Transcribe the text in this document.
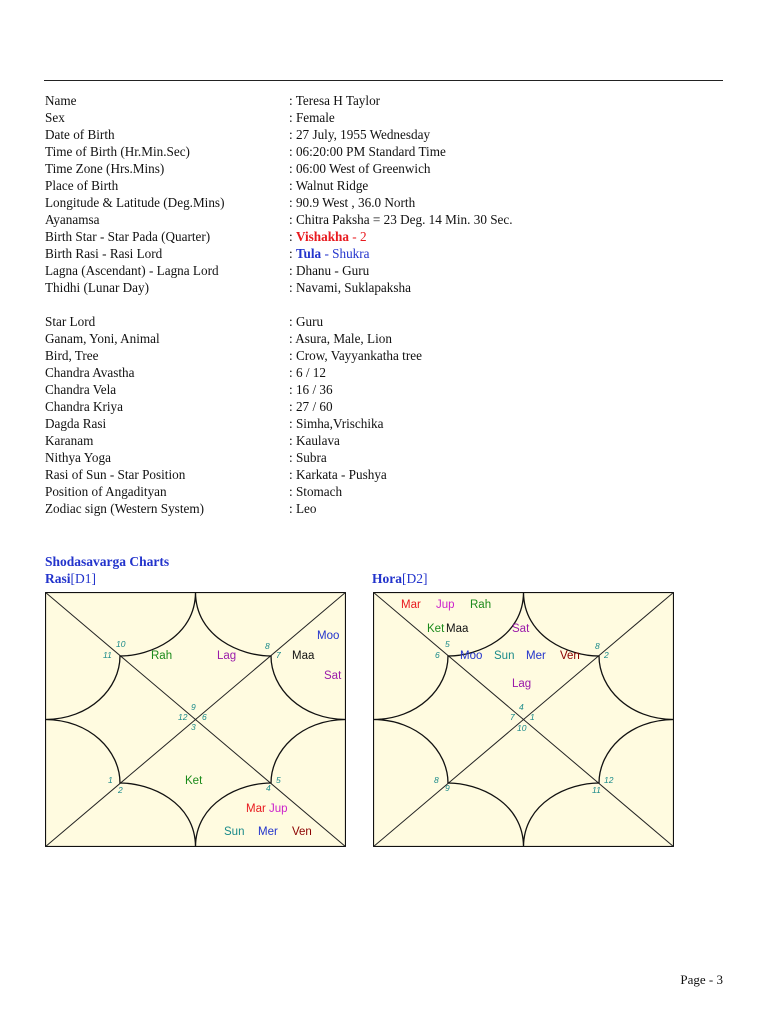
Name	: Teresa H Taylor
Sex	: Female
Date of Birth	: 27 July, 1955 Wednesday
Time of Birth (Hr.Min.Sec)	: 06:20:00 PM Standard Time
Time Zone (Hrs.Mins)	: 06:00 West of Greenwich
Place of Birth	: Walnut Ridge
Longitude & Latitude (Deg.Mins)	: 90.9 West , 36.0 North
Ayanamsa	: Chitra Paksha = 23 Deg. 14 Min. 30 Sec.
Birth Star - Star Pada (Quarter)	: Vishakha - 2
Birth Rasi - Rasi Lord	: Tula - Shukra
Lagna (Ascendant) - Lagna Lord	: Dhanu - Guru
Thidhi (Lunar Day)	: Navami, Suklapaksha
Star Lord	: Guru
Ganam, Yoni, Animal	: Asura, Male, Lion
Bird, Tree	: Crow, Vayyankatha tree
Chandra Avastha	: 6 / 12
Chandra Vela	: 16 / 36
Chandra Kriya	: 27 / 60
Dagda Rasi	: Simha,Vrischika
Karanam	: Kaulava
Nithya Yoga	: Subra
Rasi of Sun - Star Position	: Karkata - Pushya
Position of Angadityan	: Stomach
Zodiac sign (Western System)	: Leo
Shodasavarga Charts
Rasi[D1]	Hora[D2]
10
11
8
7
9
12 6
3
1
2	4
5
Rah	Lag	Maa
Moo
Sat
Ket
Mar Jup
Sun Mer Ven
5
6
8
2
4
7 1
10
8
9
12
11
Mar Jup Rah
Ket Maa	Sat
Moo Sun Mer Ven
Lag
Page - 3
